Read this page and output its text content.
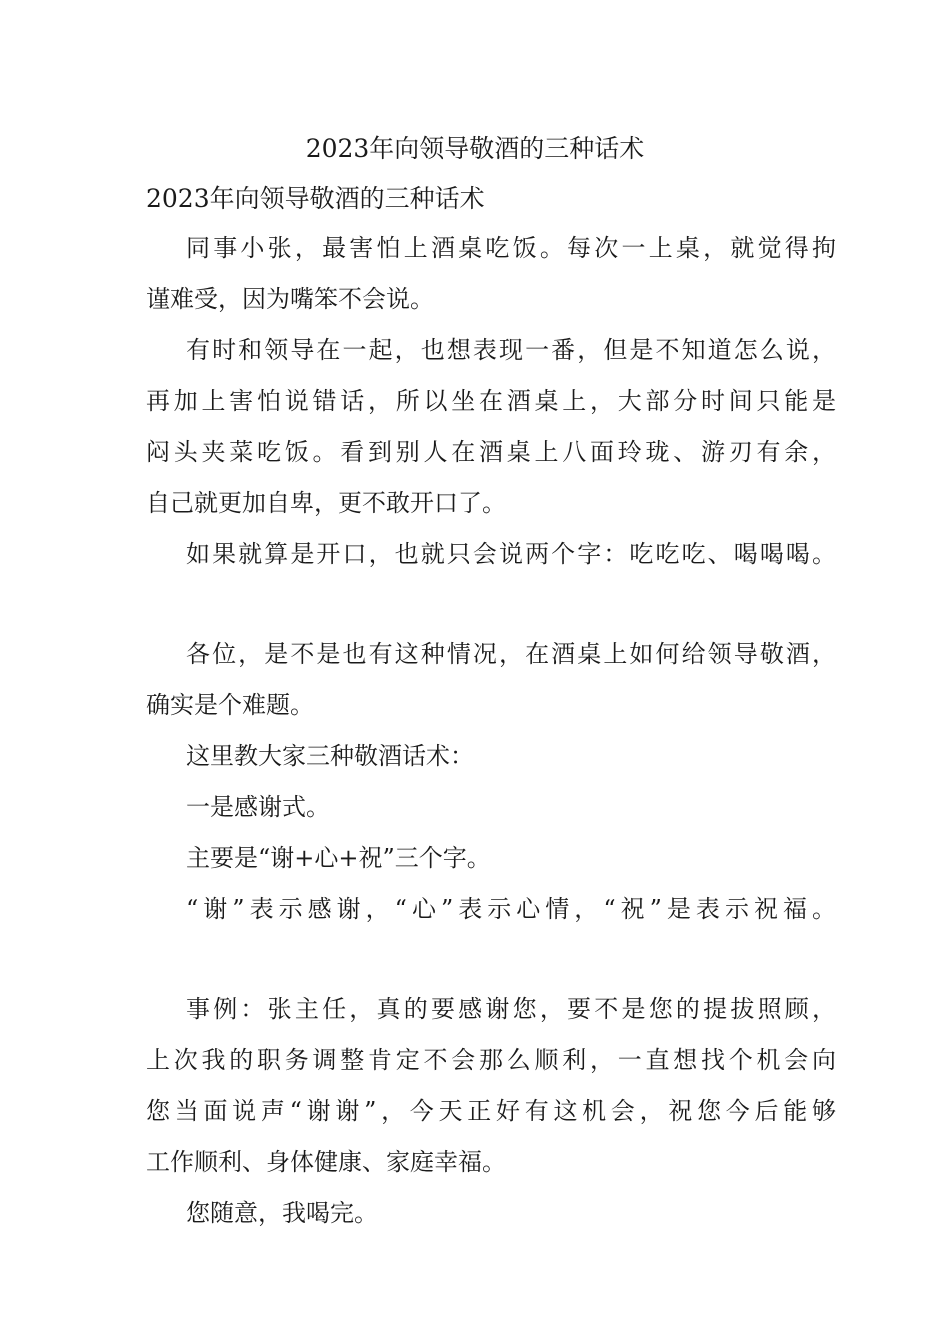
2023年向领导敬酒的三种话术
2023年向领导敬酒的三种话术
同事小张，最害怕上酒桌吃饭。每次一上桌，就觉得拘
谨难受，因为嘴笨不会说。
有时和领导在一起，也想表现一番，但是不知道怎么说，
再加上害怕说错话，所以坐在酒桌上，大部分时间只能是
闷头夹菜吃饭。看到别人在酒桌上八面玲珑、游刃有余，
自己就更加自卑，更不敢开口了。
如果就算是开口，也就只会说两个字：吃吃吃、喝喝喝。
各位，是不是也有这种情况，在酒桌上如何给领导敬酒，
确实是个难题。
这里教大家三种敬酒话术：
一是感谢式。
主要是“谢+心+祝”三个字。
“谢”表示感谢，“心”表示心情，“祝”是表示祝福。
事例：张主任，真的要感谢您，要不是您的提拔照顾，
上次我的职务调整肯定不会那么顺利，一直想找个机会向
您当面说声“谢谢”，今天正好有这机会，祝您今后能够
工作顺利、身体健康、家庭幸福。
您随意，我喝完。
